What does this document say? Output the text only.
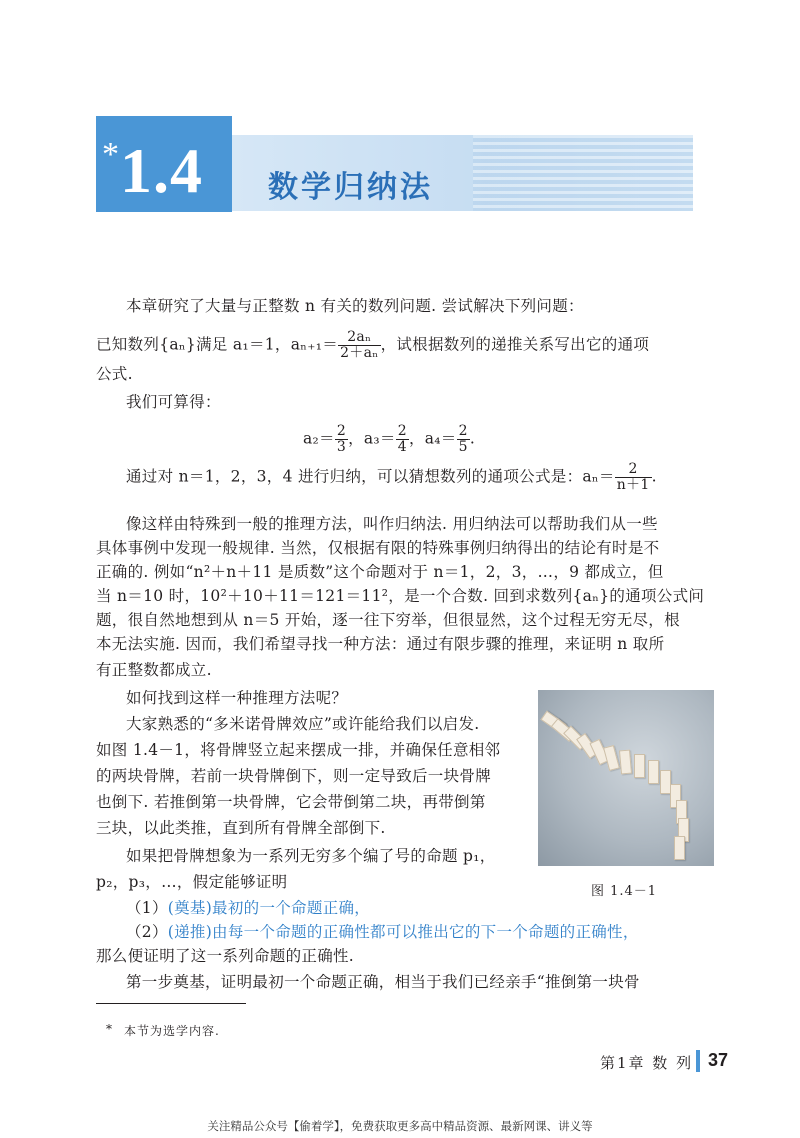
* 1.4 数学归纳法
本章研究了大量与正整数 n 有关的数列问题. 尝试解决下列问题：
已知数列{aₙ}满足 a₁＝1，$a_{n+1}= \frac{\text{2aₙ}}{\text{2＋aₙ}}$ ，试根据数列的递推关系写出它的通项
公式.
我们可算得：
$a_2= \frac{2}{3}$ ，$a_3= \frac{2}{4}$ ，$a_4= \frac{2}{5}$ .
通过对 n＝1，2，3，4 进行归纳，可以猜想数列的通项公式是：$a_n= \frac{2}{n+1}$ .
像这样由特殊到一般的推理方法，叫作归纳法. 用归纳法可以帮助我们从一些
具体事例中发现一般规律. 当然，仅根据有限的特殊事例归纳得出的结论有时是不
正确的. 例如“n²＋n＋11 是质数”这个命题对于 n＝1，2，3，…，9 都成立，但
当 n＝10 时，10²＋10＋11＝121＝11²，是一个合数. 回到求数列{aₙ}的通项公式问
题，很自然地想到从 n＝5 开始，逐一往下穷举，但很显然，这个过程无穷无尽，根
本无法实施. 因而，我们希望寻找一种方法：通过有限步骤的推理，来证明 n 取所
有正整数都成立.
如何找到这样一种推理方法呢？
大家熟悉的“多米诺骨牌效应”或许能给我们以启发.
如图 1.4－1，将骨牌竖立起来摆成一排，并确保任意相邻
的两块骨牌，若前一块骨牌倒下，则一定导致后一块骨牌
也倒下. 若推倒第一块骨牌，它会带倒第二块，再带倒第
三块，以此类推，直到所有骨牌全部倒下.
如果把骨牌想象为一系列无穷多个编了号的命题 p₁，
p₂，p₃，…，假定能够证明
（1）(奠基)最初的一个命题正确，
（2）(递推)由每一个命题的正确性都可以推出它的下一个命题的正确性，
那么便证明了这一系列命题的正确性.
第一步奠基，证明最初一个命题正确，相当于我们已经亲手“推倒第一块骨
图 1.4－1
* 本节为选学内容.
第1章 数 列 37
关注精品公众号【偷着学】，免费获取更多高中精品资源、最新网课、讲义等
